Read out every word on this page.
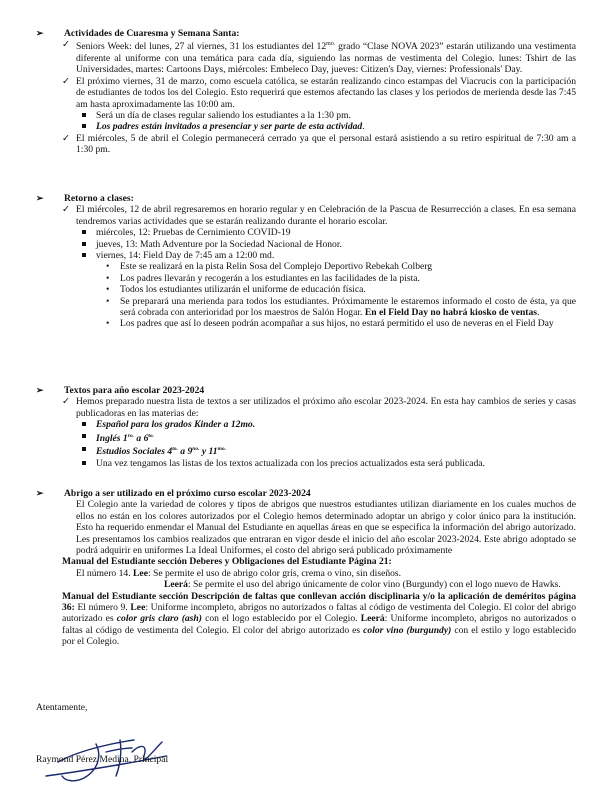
➢ Actividades de Cuaresma y Semana Santa:
✓ Seniors Week: del lunes, 27 al viernes, 31 los estudiantes del $12^{mo.}$ grado “Clase NOVA 2023” estarán utilizando una vestimenta diferente al uniforme con una temática para cada día, siguiendo las normas de vestimenta del Colegio. lunes: Tshirt de las Universidades, martes: Cartoons Days, miércoles: Embeleco Day, jueves: Citizen's Day, viernes: Professionals' Day.
✓ El próximo viernes, 31 de marzo, como escuela católica, se estarán realizando cinco estampas del Viacrucis con la participación de estudiantes de todos los del Colegio. Esto requerirá que estemos afectando las clases y los periodos de merienda desde las 7:45 am hasta aproximadamente las 10:00 am.
Será un día de clases regular saliendo los estudiantes a la 1:30 pm.
Los padres están invitados a presenciar y ser parte de esta actividad.
✓ El miércoles, 5 de abril el Colegio permanecerá cerrado ya que el personal estará asistiendo a su retiro espiritual de 7:30 am a 1:30 pm.
➢ Retorno a clases:
✓ El miércoles, 12 de abril regresaremos en horario regular y en Celebración de la Pascua de Resurrección a clases. En esa semana tendremos varias actividades que se estarán realizando durante el horario escolar.
miércoles, 12: Pruebas de Cernimiento COVID-19
jueves, 13: Math Adventure por la Sociedad Nacional de Honor.
viernes, 14: Field Day de 7:45 am a 12:00 md.
• Este se realizará en la pista Relin Sosa del Complejo Deportivo Rebekah Colberg
• Los padres llevarán y recogerán a los estudiantes en las facilidades de la pista.
• Todos los estudiantes utilizarán el uniforme de educación física.
• Se preparará una merienda para todos los estudiantes. Próximamente le estaremos informado el costo de ésta, ya que será cobrada con anterioridad por los maestros de Salón Hogar. En el Field Day no habrá kiosko de ventas.
• Los padres que así lo deseen podrán acompañar a sus hijos, no estará permitido el uso de neveras en el Field Day
➢ Textos para año escolar 2023-2024
✓ Hemos preparado nuestra lista de textos a ser utilizados el próximo año escolar 2023-2024. En esta hay cambios de series y casas publicadoras en las materias de:
Español para los grados Kinder a 12mo.
Inglés $1^{ro.}$ a $6^{to.}$
Estudios Sociales $4^{to.}$ a $9^{no.}$ y $11^{mo.}$
Una vez tengamos las listas de los textos actualizada con los precios actualizados esta será publicada.
➢ Abrigo a ser utilizado en el próximo curso escolar 2023-2024
El Colegio ante la variedad de colores y tipos de abrigos que nuestros estudiantes utilizan diariamente en los cuales muchos de ellos no están en los colores autorizados por el Colegio hemos determinado adoptar un abrigo y color único para la institución. Esto ha requerido enmendar el Manual del Estudiante en aquellas áreas en que se especifica la información del abrigo autorizado. Les presentamos los cambios realizados que entraran en vigor desde el inicio del año escolar 2023-2024. Este abrigo adoptado se podrá adquirir en uniformes La Ideal Uniformes, el costo del abrigo será publicado próximamente
Manual del Estudiante sección Deberes y Obligaciones del Estudiante Página 21:
El número 14. Lee: Se permite el uso de abrigo color gris, crema o vino, sin diseños.
Leerá: Se permite el uso del abrigo únicamente de color vino (Burgundy) con el logo nuevo de Hawks.
Manual del Estudiante sección Descripción de faltas que conllevan acción disciplinaria y/o la aplicación de deméritos página 36: El número 9. Lee: Uniforme incompleto, abrigos no autorizados o faltas al código de vestimenta del Colegio. El color del abrigo autorizado es color gris claro (ash) con el logo establecido por el Colegio. Leerá: Uniforme incompleto, abrigos no autorizados o faltas al código de vestimenta del Colegio. El color del abrigo autorizado es color vino (burgundy) con el estilo y logo establecido por el Colegio.
Atentamente,
Raymond Pérez Medina, Principal
